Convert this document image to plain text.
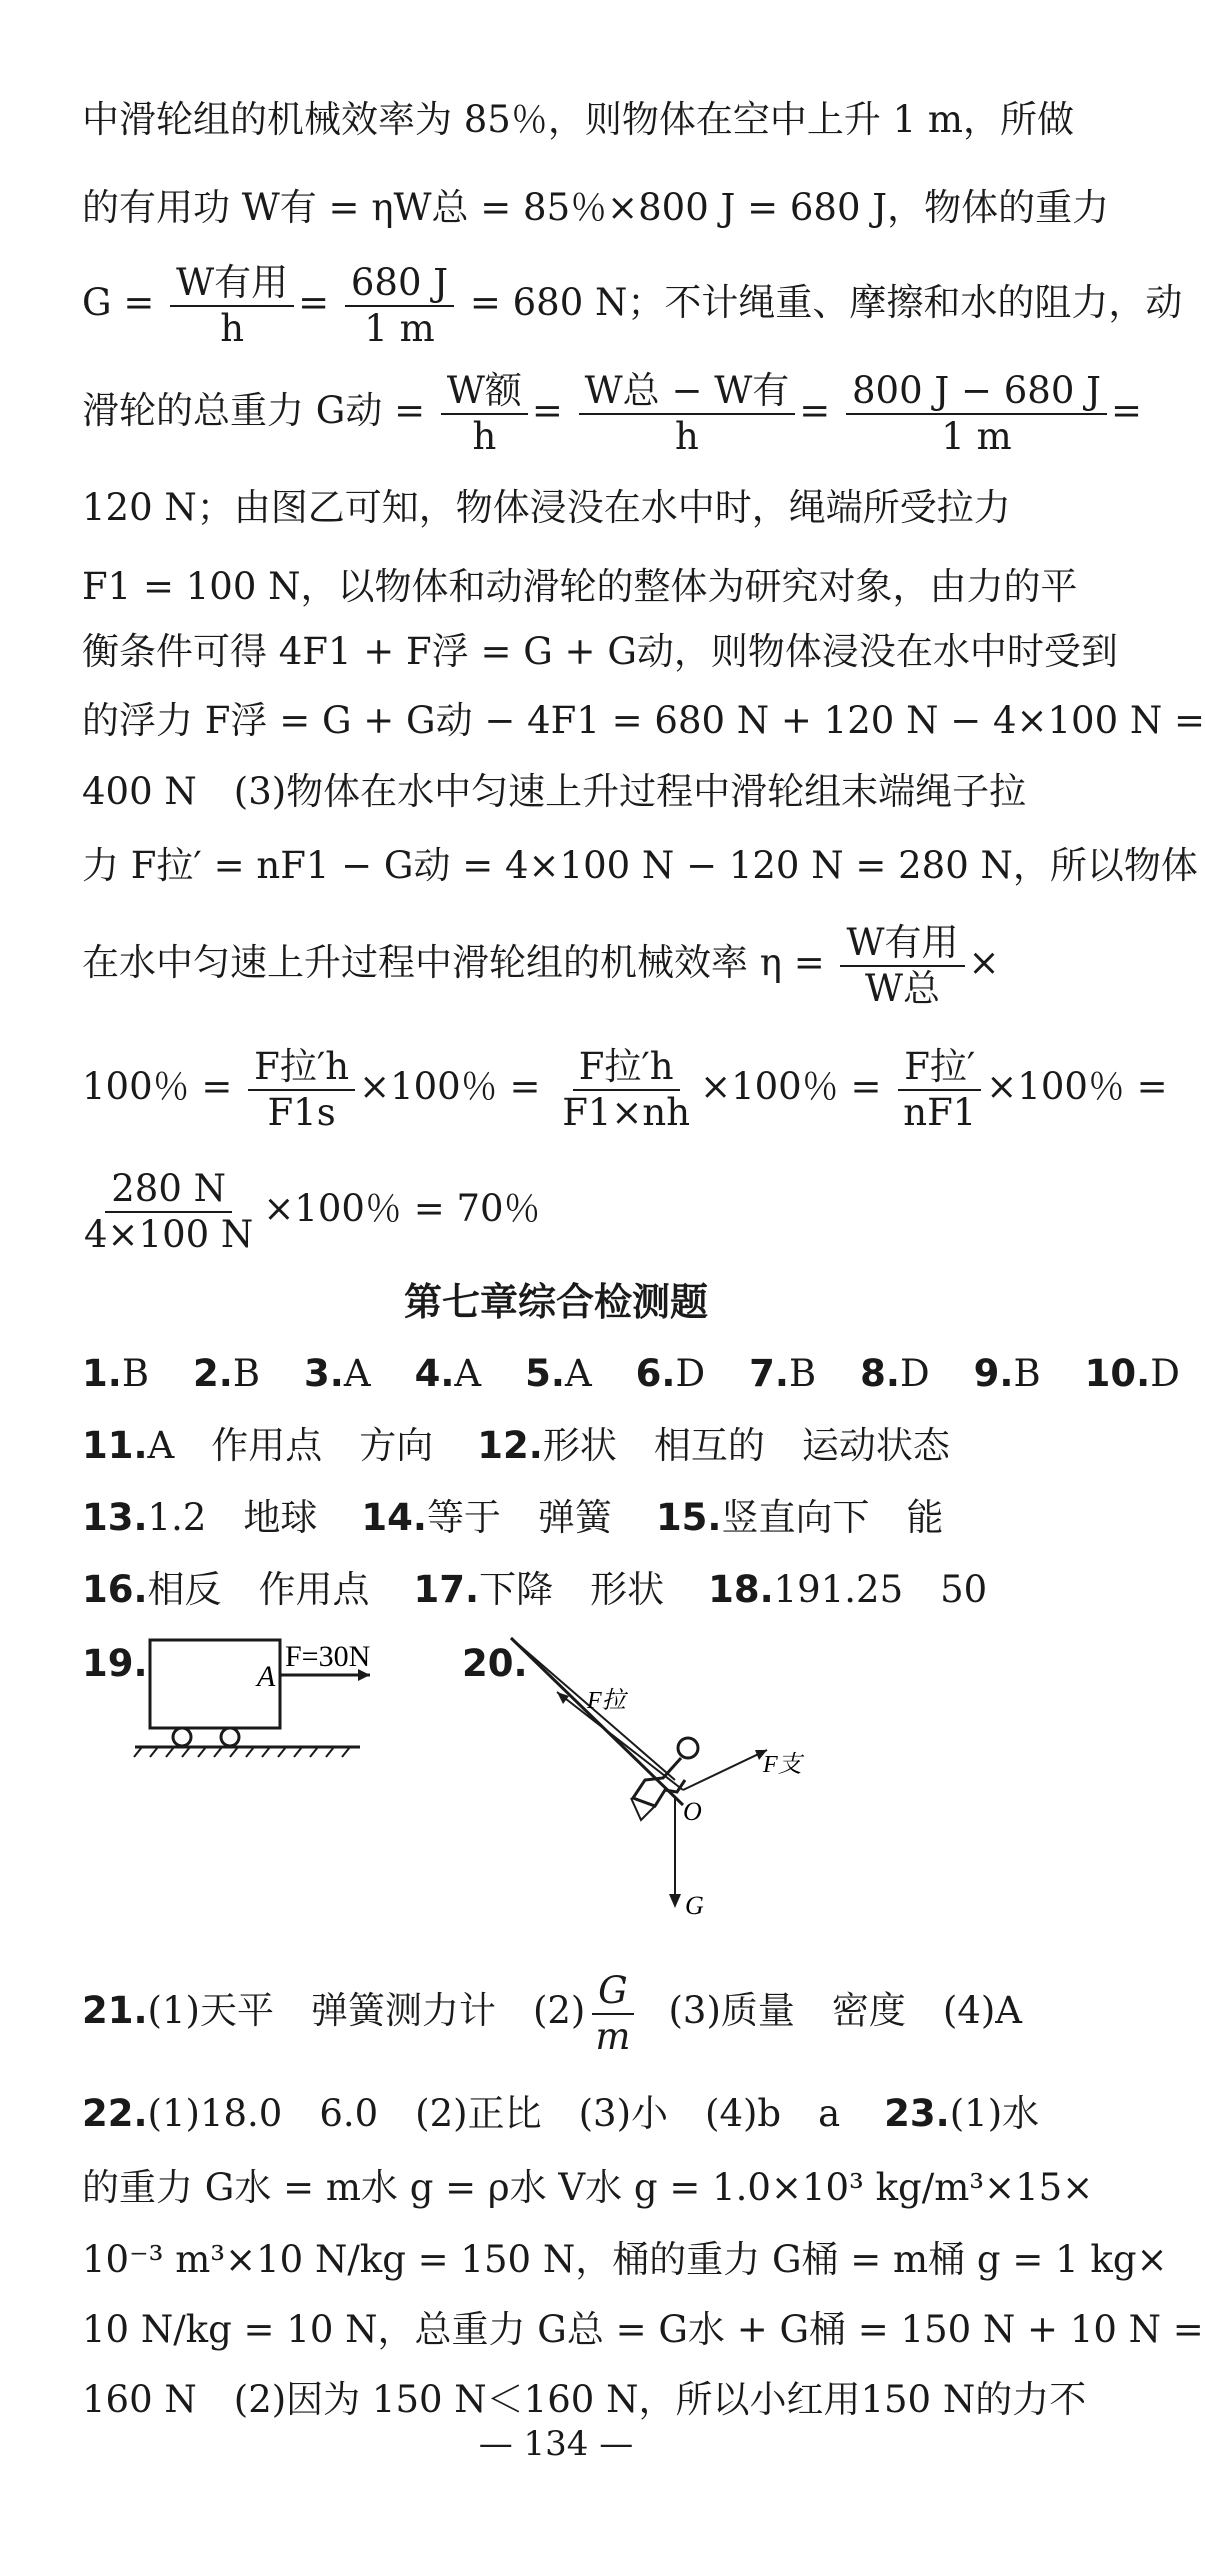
中滑轮组的机械效率为 85％，则物体在空中上升 1 m，所做
的有用功 W有 = ηW总 = 85％×800 J = 680 J，物体的重力
$G = \frac{\text{W有用}}{h} = \frac{680 J}{1 m} = 680$ N；不计绳重、摩擦和水的阻力，动
滑轮的总重力 G动 = $\frac{\text{W额}}{h} = \frac{\text{W总 − W有}}{h} = \frac{800 J - 680 J}{1 m}$ =
120 N；由图乙可知，物体浸没在水中时，绳端所受拉力
F1 = 100 N，以物体和动滑轮的整体为研究对象，由力的平
衡条件可得 4F1 + F浮 = G + G动，则物体浸没在水中时受到
的浮力 F浮 = G + G动 − 4F1 = 680 N + 120 N − 4×100 N =
400 N　(3)物体在水中匀速上升过程中滑轮组末端绳子拉
力 F拉′ = nF1 − G动 = 4×100 N − 120 N = 280 N，所以物体
在水中匀速上升过程中滑轮组的机械效率 $\eta = \frac{\text{W有用}}{\text{W总}}$ ×
100％ = $\frac{\text{F拉′h}}{F1s} \times 100$％ = $\frac{\text{F拉′h}}{F1\times nh} \times 100$％ = $\frac{\text{F拉′}}{nF1} \times 100$％ =
$\frac{280 N}{4\times 100 N} \times 100$％ = 70％
第七章综合检测题
1.B 2.B 3.A 4.A 5.A 6.D 7.B 8.D 9.B 10.D
11.A　作用点　方向 12.形状　相互的　运动状态
13.1.2　地球 14.等于　弹簧 15.竖直向下　能
16.相反　作用点 17.下降　形状 18.191.25　50
19.	A
F=30N 20.
F拉
F支
G
O
21.(1)天平　弹簧测力计　$(2) \frac{G}{m} (3)$质量　密度　(4)A
22.(1)18.0　6.0　(2)正比　(3)小　(4)b　a 23.(1)水
的重力 G水 = m水 g = ρ水 V水 g = 1.0×10³ kg/m³×15×
10⁻³ m³×10 N/kg = 150 N，桶的重力 G桶 = m桶 g = 1 kg×
10 N/kg = 10 N，总重力 G总 = G水 + G桶 = 150 N + 10 N =
160 N　(2)因为 150 N＜160 N，所以小红用150 N的力不
— 134 —
